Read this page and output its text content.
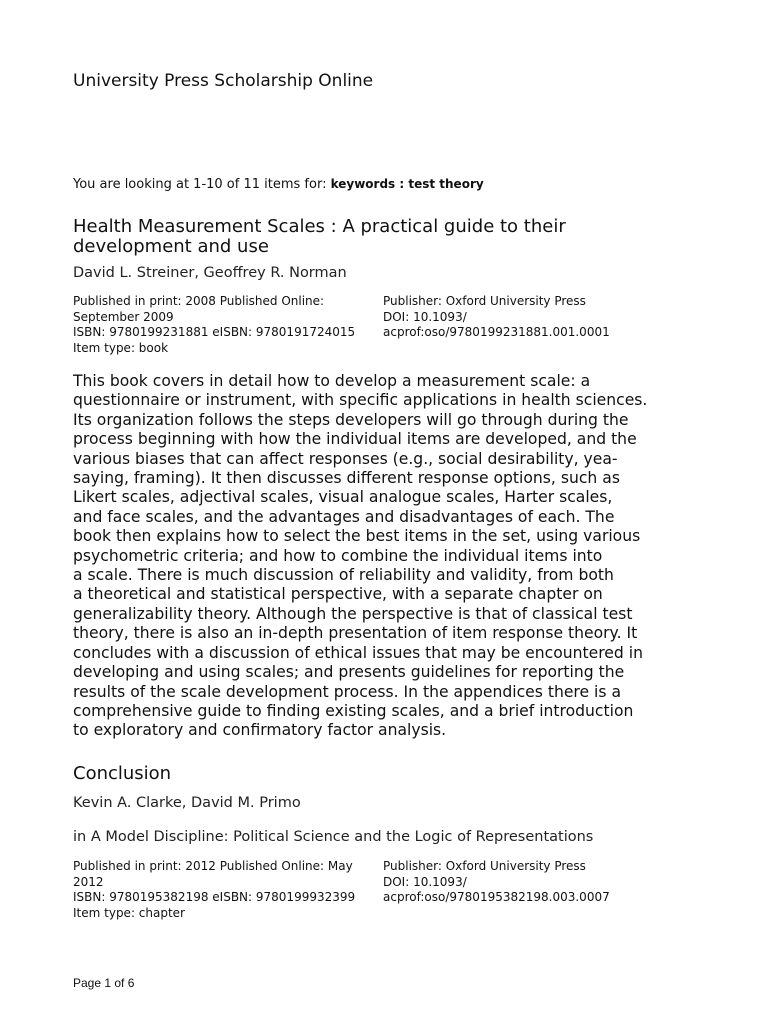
University Press Scholarship Online
You are looking at 1-10 of 11 items for: keywords : test theory
Health Measurement Scales : A practical guide to their
development and use
David L. Streiner, Geoffrey R. Norman
Published in print: 2008 Published Online:
September 2009
ISBN: 9780199231881 eISBN: 9780191724015
Item type: book
Publisher: Oxford University Press
DOI: 10.1093/
acprof:oso/9780199231881.001.0001
This book covers in detail how to develop a measurement scale: a
questionnaire or instrument, with specific applications in health sciences.
Its organization follows the steps developers will go through during the
process beginning with how the individual items are developed, and the
various biases that can affect responses (e.g., social desirability, yea-
saying, framing). It then discusses different response options, such as
Likert scales, adjectival scales, visual analogue scales, Harter scales,
and face scales, and the advantages and disadvantages of each. The
book then explains how to select the best items in the set, using various
psychometric criteria; and how to combine the individual items into
a scale. There is much discussion of reliability and validity, from both
a theoretical and statistical perspective, with a separate chapter on
generalizability theory. Although the perspective is that of classical test
theory, there is also an in-depth presentation of item response theory. It
concludes with a discussion of ethical issues that may be encountered in
developing and using scales; and presents guidelines for reporting the
results of the scale development process. In the appendices there is a
comprehensive guide to finding existing scales, and a brief introduction
to exploratory and confirmatory factor analysis.
Conclusion
Kevin A. Clarke, David M. Primo
in A Model Discipline: Political Science and the Logic of Representations
Published in print: 2012 Published Online: May
2012
ISBN: 9780195382198 eISBN: 9780199932399
Item type: chapter
Publisher: Oxford University Press
DOI: 10.1093/
acprof:oso/9780195382198.003.0007
Page 1 of 6
